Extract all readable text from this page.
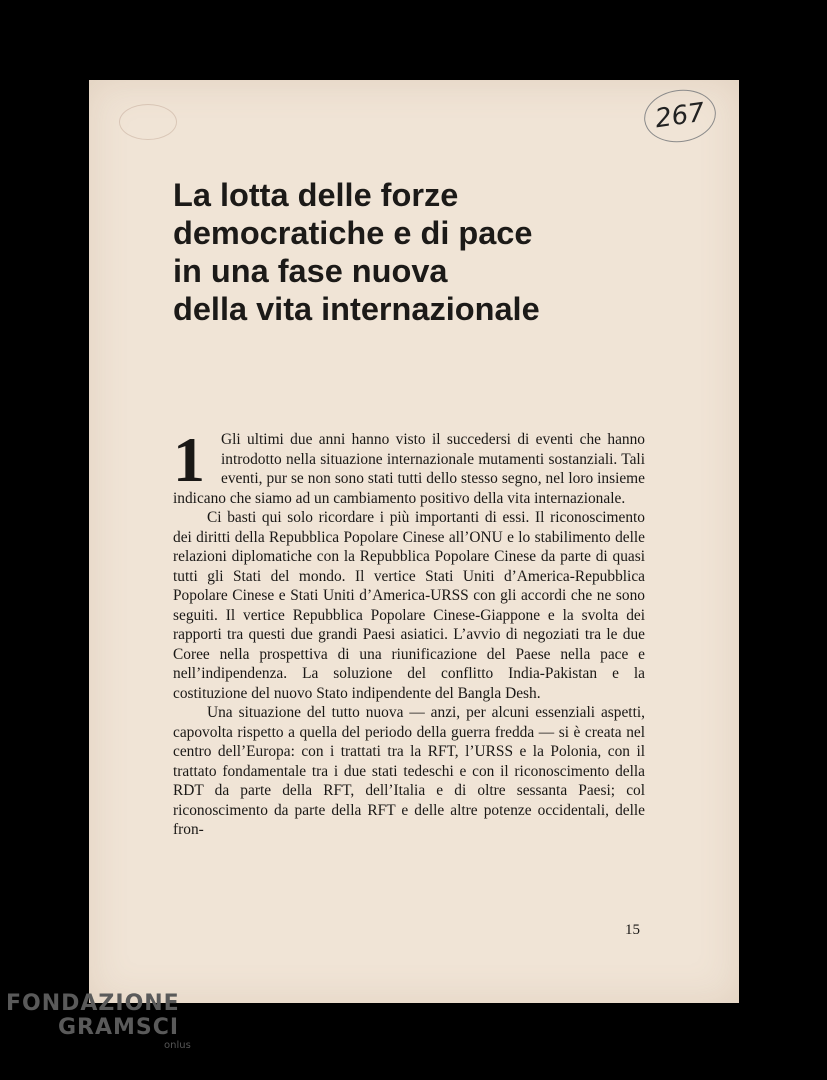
267
La lotta delle forze
democratiche e di pace
in una fase nuova
della vita internazionale
1	Gli ultimi due anni hanno visto il succedersi di eventi che hanno introdotto nella situazione internazionale mutamenti sostanziali. Tali eventi, pur se non sono stati tutti dello stesso segno, nel loro insieme indicano che siamo ad un cambiamento positivo della vita internazionale.

Ci basti qui solo ricordare i più importanti di essi. Il riconoscimento dei diritti della Repubblica Popolare Cinese all’ONU e lo stabilimento delle relazioni diplomatiche con la Repubblica Popolare Cinese da parte di quasi tutti gli Stati del mondo. Il vertice Stati Uniti d’America-Repubblica Popolare Cinese e Stati Uniti d’America-URSS con gli accordi che ne sono seguiti. Il vertice Repubblica Popolare Cinese-Giappone e la svolta dei rapporti tra questi due grandi Paesi asiatici. L’avvio di negoziati tra le due Coree nella prospettiva di una riunificazione del Paese nella pace e nell’indipendenza. La soluzione del conflitto India-Pakistan e la costituzione del nuovo Stato indipendente del Bangla Desh.

Una situazione del tutto nuova — anzi, per alcuni essenziali aspetti, capovolta rispetto a quella del periodo della guerra fredda — si è creata nel centro dell’Europa: con i trattati tra la RFT, l’URSS e la Polonia, con il trattato fondamentale tra i due stati tedeschi e con il riconoscimento della RDT da parte della RFT, dell’Italia e di oltre sessanta Paesi; col riconoscimento da parte della RFT e delle altre potenze occidentali, delle fron-

15
FONDAZIONE
GRAMSCI
onlus
